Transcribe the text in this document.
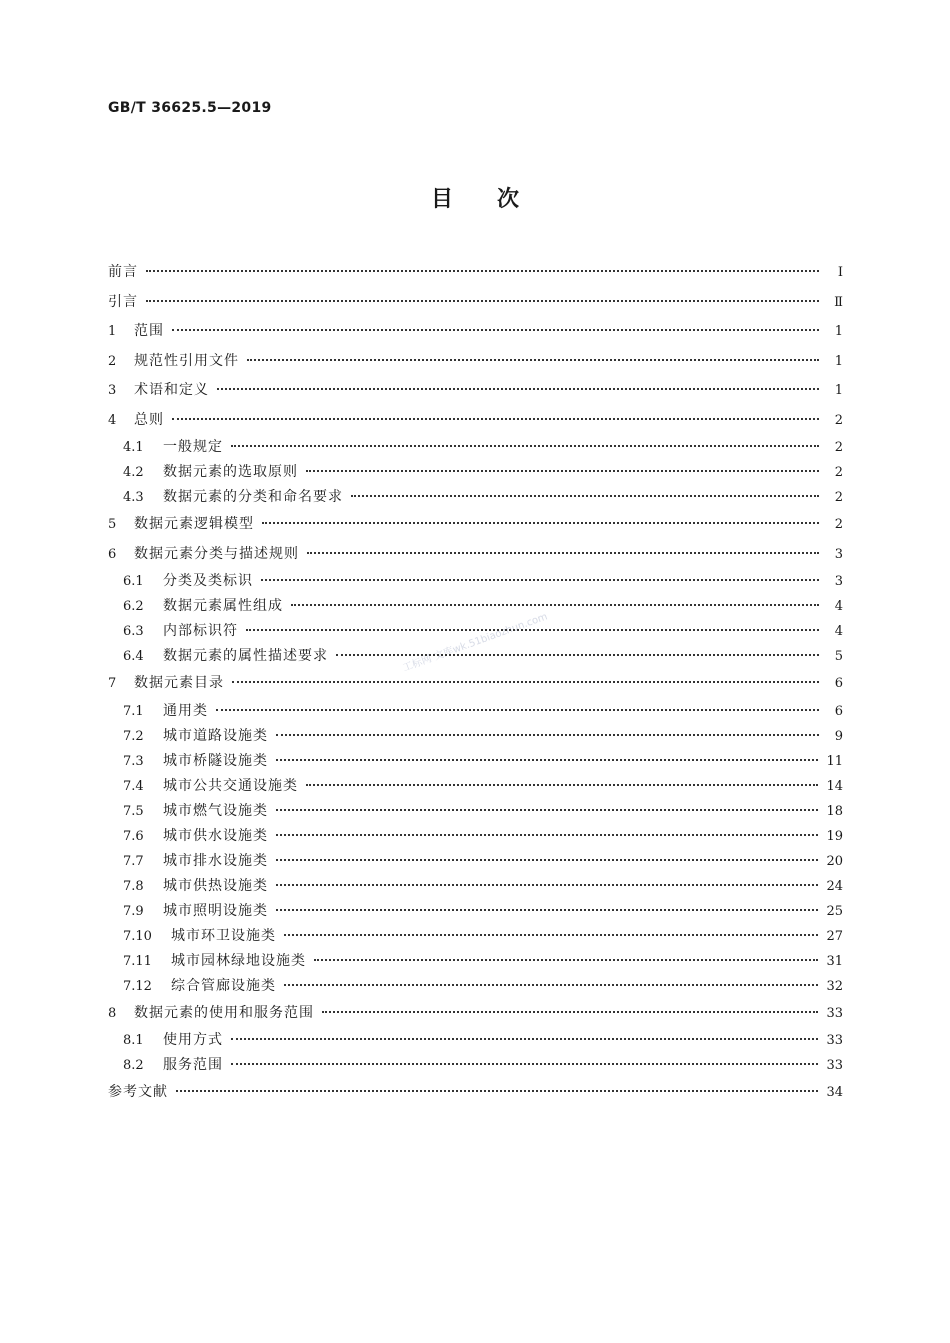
GB/T 36625.5—2019
目次
工标网 文库wk.51biaozhun.com
前言	Ⅰ
引言	Ⅱ
1	范围	1
2	规范性引用文件	1
3	术语和定义	1
4	总则	2
4.1	一般规定	2
4.2	数据元素的选取原则	2
4.3	数据元素的分类和命名要求	2
5	数据元素逻辑模型	2
6	数据元素分类与描述规则	3
6.1	分类及类标识	3
6.2	数据元素属性组成	4
6.3	内部标识符	4
6.4	数据元素的属性描述要求	5
7	数据元素目录	6
7.1	通用类	6
7.2	城市道路设施类	9
7.3	城市桥隧设施类	11
7.4	城市公共交通设施类	14
7.5	城市燃气设施类	18
7.6	城市供水设施类	19
7.7	城市排水设施类	20
7.8	城市供热设施类	24
7.9	城市照明设施类	25
7.10	城市环卫设施类	27
7.11	城市园林绿地设施类	31
7.12	综合管廊设施类	32
8	数据元素的使用和服务范围	33
8.1	使用方式	33
8.2	服务范围	33
参考文献	34
